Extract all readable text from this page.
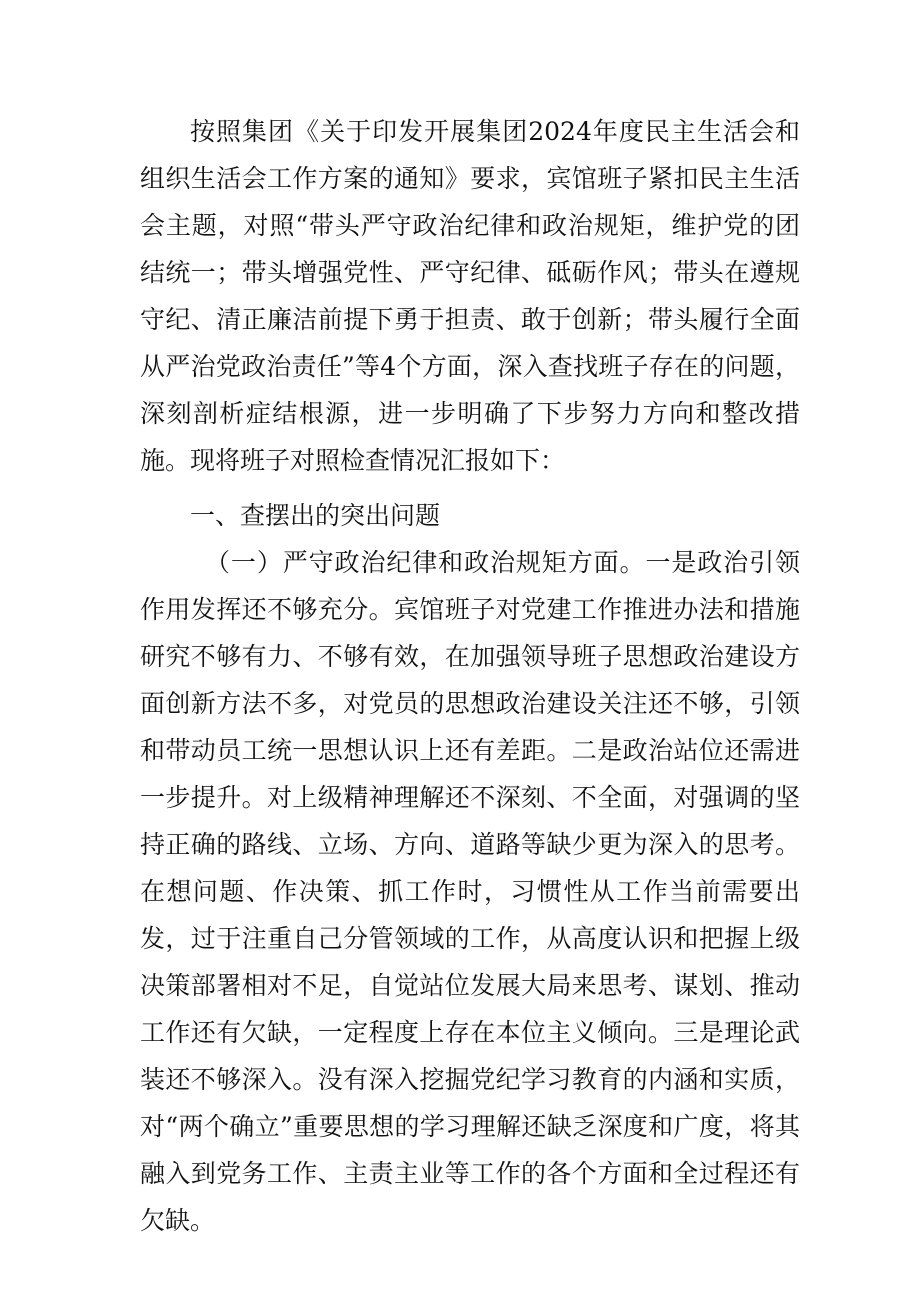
按照集团《关于印发开展集团2024年度民主生活会和组织生活会工作方案的通知》要求，宾馆班子紧扣民主生活会主题，对照“带头严守政治纪律和政治规矩，维护党的团结统一；带头增强党性、严守纪律、砥砺作风；带头在遵规守纪、清正廉洁前提下勇于担责、敢于创新；带头履行全面从严治党政治责任”等4个方面，深入查找班子存在的问题，深刻剖析症结根源，进一步明确了下步努力方向和整改措施。现将班子对照检查情况汇报如下：

一、查摆出的突出问题

（一）严守政治纪律和政治规矩方面。一是政治引领作用发挥还不够充分。宾馆班子对党建工作推进办法和措施研究不够有力、不够有效，在加强领导班子思想政治建设方面创新方法不多，对党员的思想政治建设关注还不够，引领和带动员工统一思想认识上还有差距。二是政治站位还需进一步提升。对上级精神理解还不深刻、不全面，对强调的坚持正确的路线、立场、方向、道路等缺少更为深入的思考。在想问题、作决策、抓工作时，习惯性从工作当前需要出发，过于注重自己分管领域的工作，从高度认识和把握上级决策部署相对不足，自觉站位发展大局来思考、谋划、推动工作还有欠缺，一定程度上存在本位主义倾向。三是理论武装还不够深入。没有深入挖掘党纪学习教育的内涵和实质，对“两个确立”重要思想的学习理解还缺乏深度和广度，将其融入到党务工作、主责主业等工作的各个方面和全过程还有欠缺。
